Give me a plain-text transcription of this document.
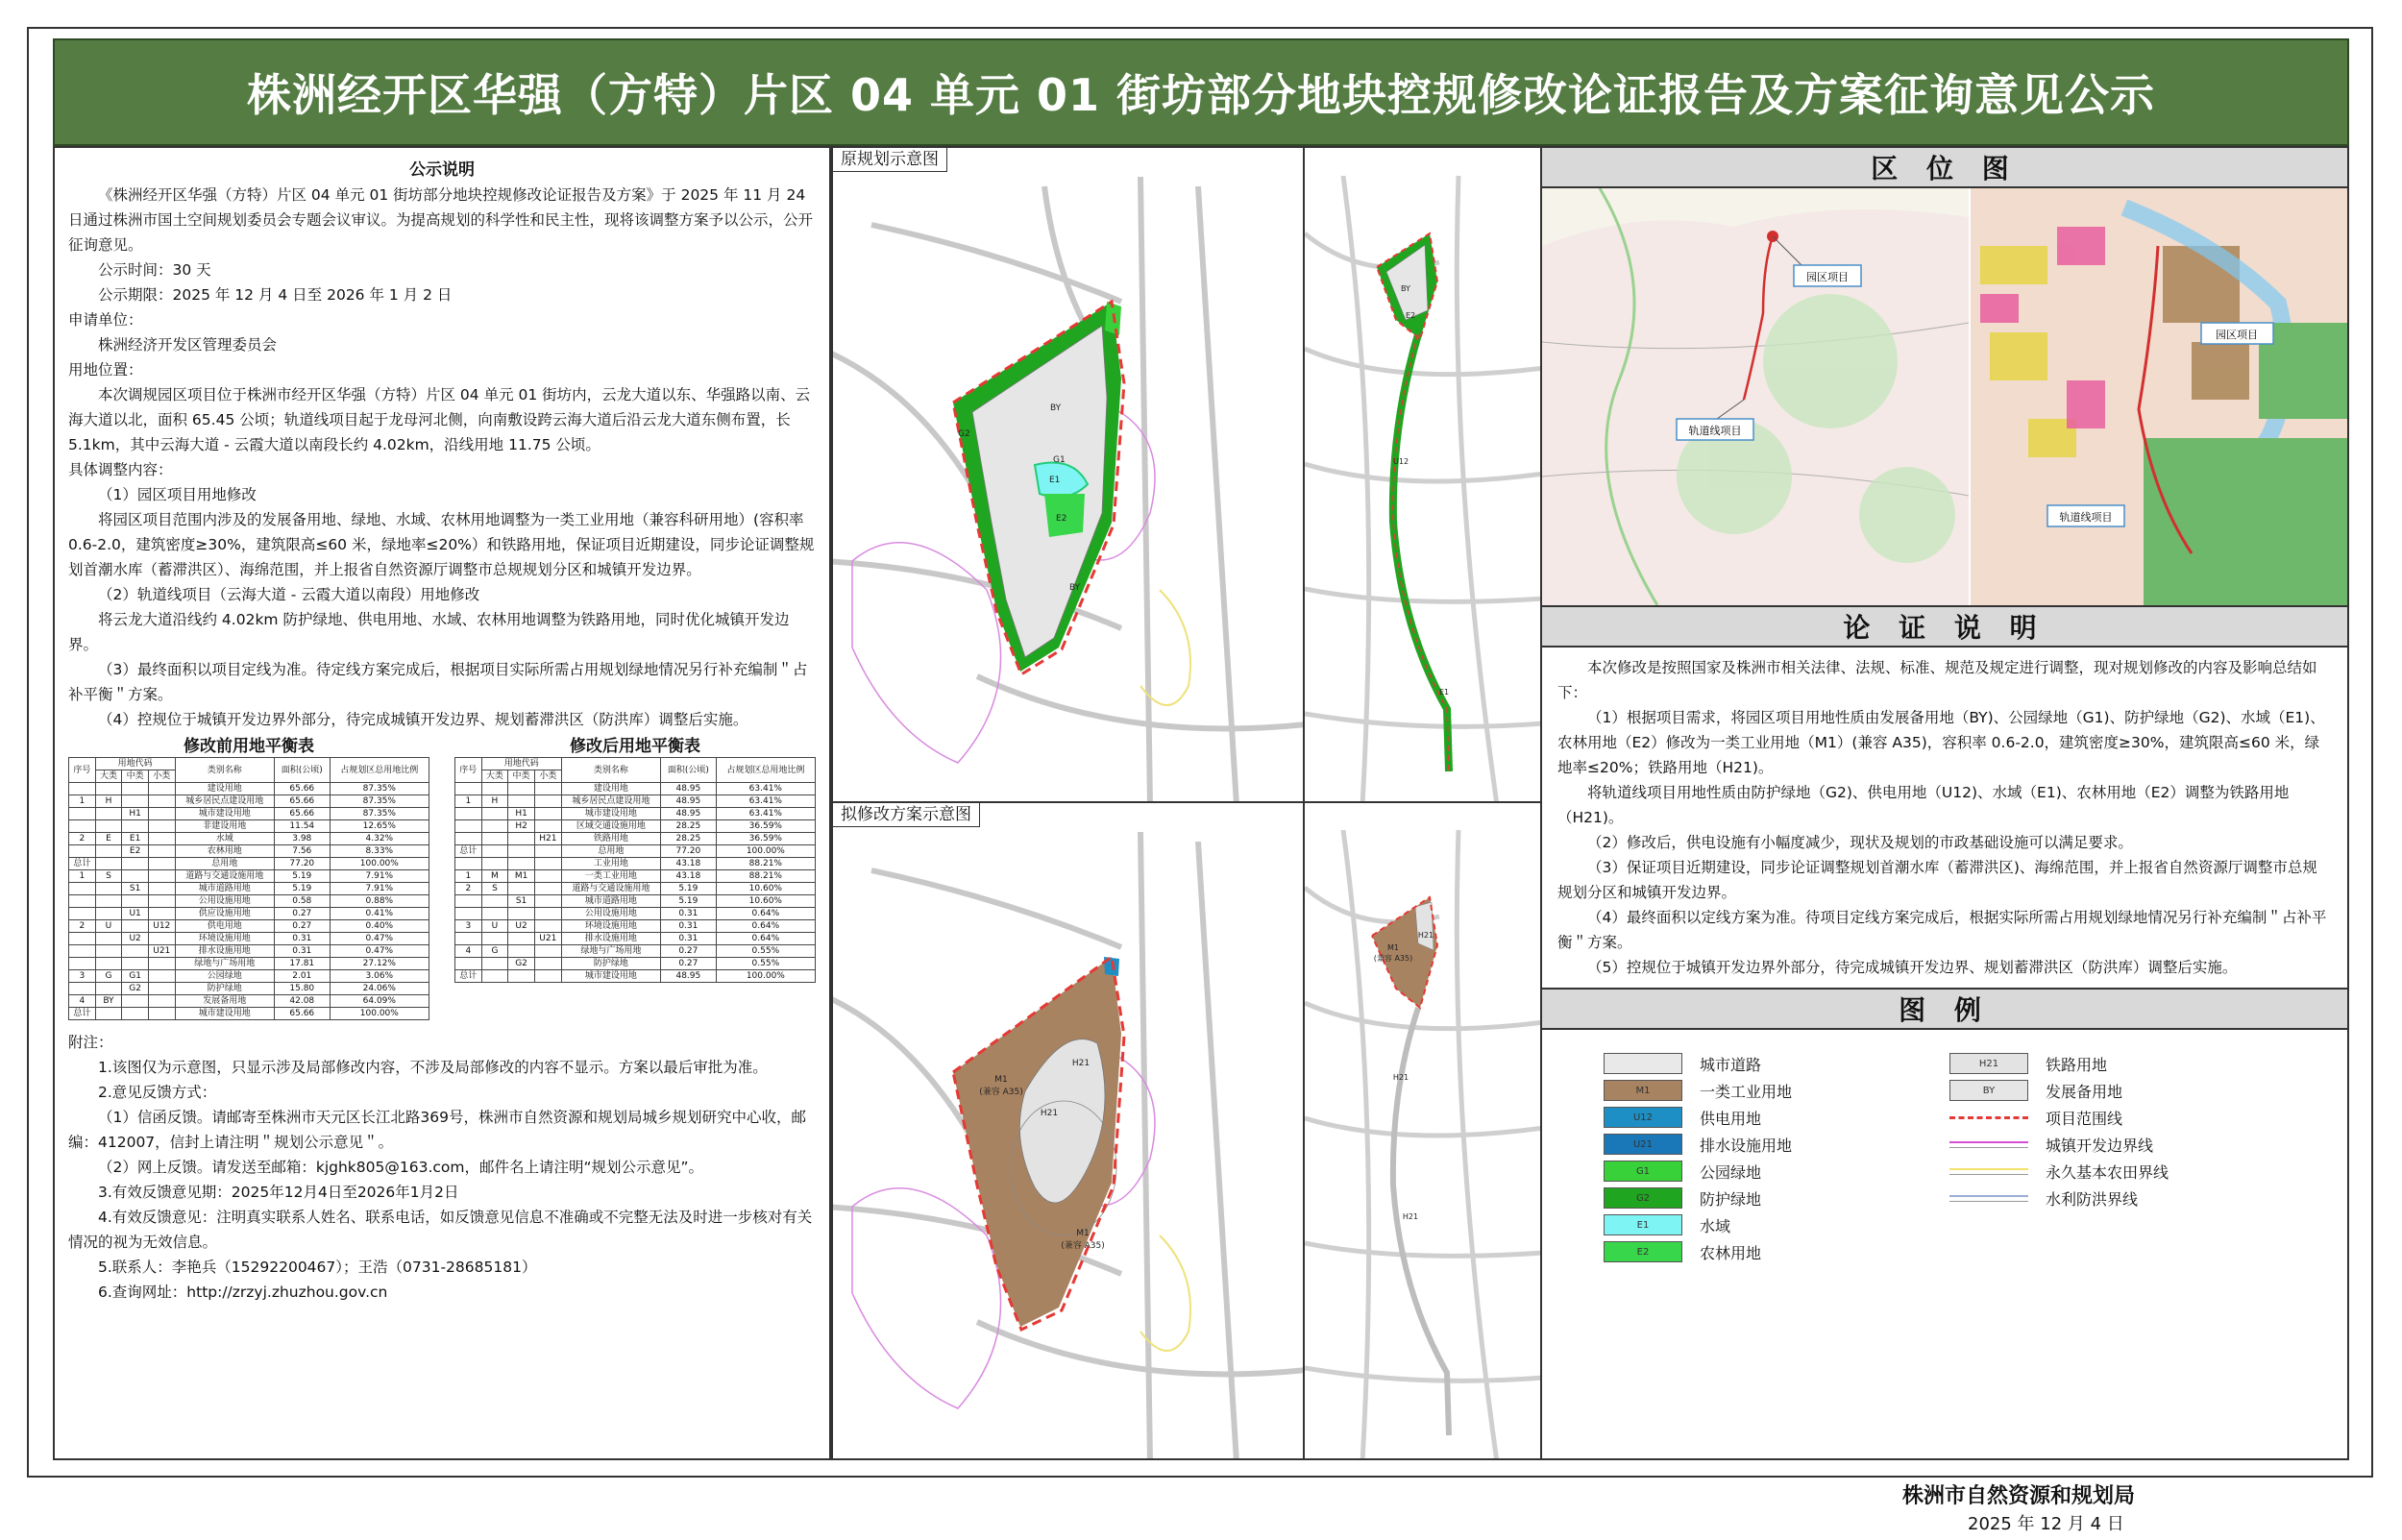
株洲经开区华强（方特）片区 04 单元 01 街坊部分地块控规修改论证报告及方案征询意见公示

公示说明

《株洲经开区华强（方特）片区 04 单元 01 街坊部分地块控规修改论证报告及方案》于 2025 年 11 月 24 日通过株洲市国土空间规划委员会专题会议审议。为提高规划的科学性和民主性，现将该调整方案予以公示，公开征询意见。

公示时间：30 天

公示期限：2025 年 12 月 4 日至 2026 年 1 月 2 日

申请单位：

株洲经济开发区管理委员会

用地位置：

本次调规园区项目位于株洲市经开区华强（方特）片区 04 单元 01 街坊内，云龙大道以东、华强路以南、云海大道以北，面积 65.45 公顷；轨道线项目起于龙母河北侧，向南敷设跨云海大道后沿云龙大道东侧布置，长 5.1km，其中云海大道 - 云霞大道以南段长约 4.02km，沿线用地 11.75 公顷。

具体调整内容：

（1）园区项目用地修改

将园区项目范围内涉及的发展备用地、绿地、水域、农林用地调整为一类工业用地（兼容科研用地）(容积率 0.6-2.0，建筑密度≥30%，建筑限高≤60 米，绿地率≤20%）和铁路用地，保证项目近期建设，同步论证调整规划首潮水库（蓄滞洪区）、海绵范围，并上报省自然资源厅调整市总规规划分区和城镇开发边界。

（2）轨道线项目（云海大道 - 云霞大道以南段）用地修改

将云龙大道沿线约 4.02km 防护绿地、供电用地、水域、农林用地调整为铁路用地，同时优化城镇开发边界。

（3）最终面积以项目定线为准。待定线方案完成后，根据项目实际所需占用规划绿地情况另行补充编制＂占补平衡＂方案。

（4）控规位于城镇开发边界外部分，待完成城镇开发边界、规划蓄滞洪区（防洪库）调整后实施。

修改前用地平衡表
序号	用地代码			类别名称	面积(公顷)	占规划区总用地比例
	大类	中类	小类			
				建设用地	65.66	87.35%
1	H			城乡居民点建设用地	65.66	87.35%
		H1		城市建设用地	65.66	87.35%
				非建设用地	11.54	12.65%
2	E	E1		水域	3.98	4.32%
		E2		农林用地	7.56	8.33%
总计				总用地	77.20	100.00%
1	S			道路与交通设施用地	5.19	7.91%
		S1		城市道路用地	5.19	7.91%
				公用设施用地	0.58	0.88%
		U1		供应设施用地	0.27	0.41%
2	U		U12	供电用地	0.27	0.40%
		U2		环境设施用地	0.31	0.47%
			U21	排水设施用地	0.31	0.47%
				绿地与广场用地	17.81	27.12%
3	G	G1		公园绿地	2.01	3.06%
		G2		防护绿地	15.80	24.06%
4	BY			发展备用地	42.08	64.09%
总计				城市建设用地	65.66	100.00%
修改后用地平衡表
序号	用地代码			类别名称	面积(公顷)	占规划区总用地比例
	大类	中类	小类			
				建设用地	48.95	63.41%
1	H			城乡居民点建设用地	48.95	63.41%
		H1		城市建设用地	48.95	63.41%
		H2		区域交通设施用地	28.25	36.59%
			H21	铁路用地	28.25	36.59%
总计				总用地	77.20	100.00%
				工业用地	43.18	88.21%
1	M	M1		一类工业用地	43.18	88.21%
2	S			道路与交通设施用地	5.19	10.60%
		S1		城市道路用地	5.19	10.60%
				公用设施用地	0.31	0.64%
3	U	U2		环境设施用地	0.31	0.64%
			U21	排水设施用地	0.31	0.64%
4	G			绿地与广场用地	0.27	0.55%
		G2		防护绿地	0.27	0.55%
总计				城市建设用地	48.95	100.00%

附注：

1.该图仅为示意图，只显示涉及局部修改内容，不涉及局部修改的内容不显示。方案以最后审批为准。

2.意见反馈方式：

（1）信函反馈。请邮寄至株洲市天元区长江北路369号，株洲市自然资源和规划局城乡规划研究中心收，邮编：412007，信封上请注明＂规划公示意见＂。

（2）网上反馈。请发送至邮箱：kjghk805@163.com，邮件名上请注明“规划公示意见”。

3.有效反馈意见期：2025年12月4日至2026年1月2日

4.有效反馈意见：注明真实联系人姓名、联系电话，如反馈意见信息不准确或不完整无法及时进一步核对有关情况的视为无效信息。

5.联系人：李艳兵（15292200467）；王浩（0731-28685181）

6.查询网址：http://zrzyj.zhuzhou.gov.cn

原规划示意图
BY
G2
G1
E1
E2
BY
BY
E2
U12
E1
拟修改方案示意图
M1
(兼容 A35)
H21
H21
M1
(兼容 A35)
M1
(兼容 A35)
H21
H21
H21
区 位 图
园区项目
轨道线项目
园区项目
轨道线项目
论 证 说 明

本次修改是按照国家及株洲市相关法律、法规、标准、规范及规定进行调整，现对规划修改的内容及影响总结如下：

（1）根据项目需求，将园区项目用地性质由发展备用地（BY)、公园绿地（G1)、防护绿地（G2)、水域（E1)、农林用地（E2）修改为一类工业用地（M1）(兼容 A35)，容积率 0.6-2.0，建筑密度≥30%，建筑限高≤60 米，绿地率≤20%；铁路用地（H21)。

将轨道线项目用地性质由防护绿地（G2)、供电用地（U12)、水域（E1)、农林用地（E2）调整为铁路用地（H21)。

（2）修改后，供电设施有小幅度减少，现状及规划的市政基础设施可以满足要求。

（3）保证项目近期建设，同步论证调整规划首潮水库（蓄滞洪区)、海绵范围，并上报省自然资源厅调整市总规规划分区和城镇开发边界。

（4）最终面积以定线方案为准。待项目定线方案完成后，根据实际所需占用规划绿地情况另行补充编制＂占补平衡＂方案。

（5）控规位于城镇开发边界外部分，待完成城镇开发边界、规划蓄滞洪区（防洪库）调整后实施。

图 例
城市道路	H21	铁路用地
M1	一类工业用地	BY	发展备用地
U12	供电用地	项目范围线
U21	排水设施用地	城镇开发边界线
G1	公园绿地	永久基本农田界线
G2	防护绿地	水利防洪界线
E1	水域
E2	农林用地
株洲市自然资源和规划局
2025 年 12 月 4 日
